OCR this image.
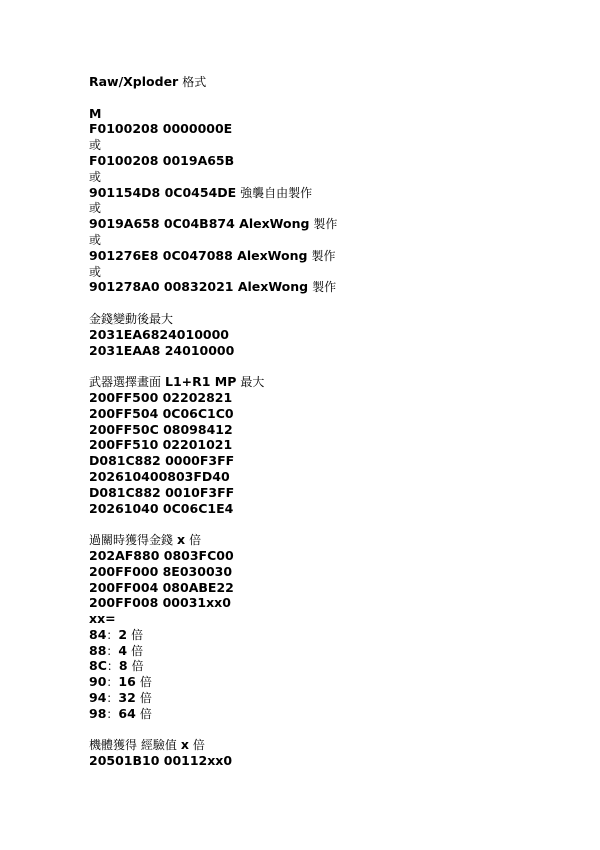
Raw/Xploder 格式
M
F0100208 0000000E
或
F0100208 0019A65B
或
901154D8 0C0454DE 強襲自由製作
或
9019A658 0C04B874 AlexWong 製作
或
901276E8 0C047088 AlexWong 製作
或
901278A0 00832021 AlexWong 製作
金錢變動後最大
2031EA6824010000
2031EAA8 24010000
武器選擇畫面 L1+R1 MP 最大
200FF500 02202821
200FF504 0C06C1C0
200FF50C 08098412
200FF510 02201021
D081C882 0000F3FF
202610400803FD40
D081C882 0010F3FF
20261040 0C06C1E4
過關時獲得金錢 x 倍
202AF880 0803FC00
200FF000 8E030030
200FF004 080ABE22
200FF008 00031xx0
xx=
84：2 倍
88：4 倍
8C：8 倍
90：16 倍
94：32 倍
98：64 倍
機體獲得 經驗值 x 倍
20501B10 00112xx0
